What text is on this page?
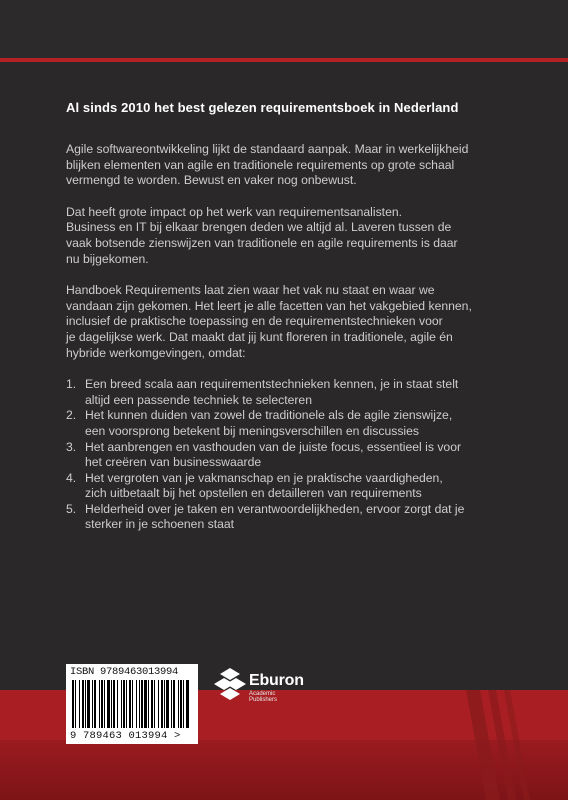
Al sinds 2010 het best gelezen requirementsboek in Nederland
Agile softwareontwikkeling lijkt de standaard aanpak. Maar in werkelijkheid
blijken elementen van agile en traditionele requirements op grote schaal
vermengd te worden. Bewust en vaker nog onbewust.
Dat heeft grote impact op het werk van requirementsanalisten.
Business en IT bij elkaar brengen deden we altijd al. Laveren tussen de
vaak botsende zienswijzen van traditionele en agile requirements is daar
nu bijgekomen.
Handboek Requirements laat zien waar het vak nu staat en waar we
vandaan zijn gekomen. Het leert je alle facetten van het vakgebied kennen,
inclusief de praktische toepassing en de requirementstechnieken voor
je dagelijkse werk. Dat maakt dat jij kunt floreren in traditionele, agile én
hybride werkomgevingen, omdat:
1. Een breed scala aan requirementstechnieken kennen, je in staat stelt
altijd een passende techniek te selecteren
2. Het kunnen duiden van zowel de traditionele als de agile zienswijze,
een voorsprong betekent bij meningsverschillen en discussies
3. Het aanbrengen en vasthouden van de juiste focus, essentieel is voor
het creëren van businesswaarde
4. Het vergroten van je vakmanschap en je praktische vaardigheden,
zich uitbetaalt bij het opstellen en detailleren van requirements
5. Helderheid over je taken en verantwoordelijkheden, ervoor zorgt dat je
sterker in je schoenen staat
ISBN 9789463013994
9 789463 013994 >
Eburon
Academic Publishers
